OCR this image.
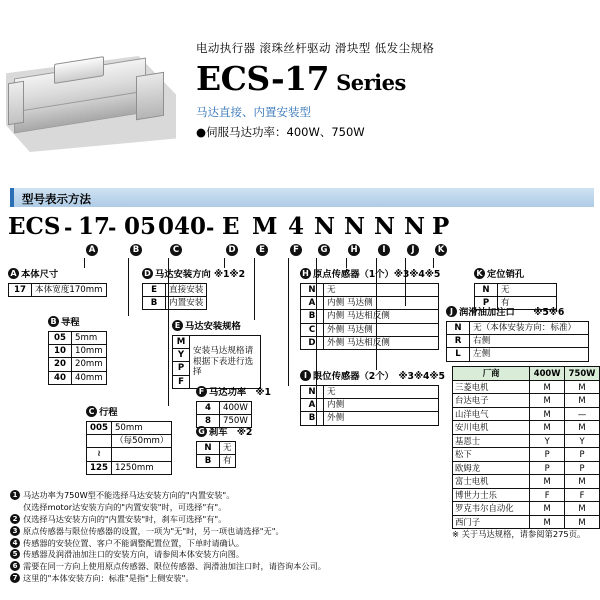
电动执行器 滚珠丝杆驱动 滑块型 低发尘规格
ECS-17 Series
马达直接、内置安装型
●伺服马达功率：400W、750W
型号表示方法
ECS - 17
- 05 040 - E M 4 N N N N P
A	B	C	D	E	F	G	H	I	J	K
A 本体尺寸
17	本体宽度170mm
B 导程
05	5mm
10	10mm
20	20mm
40	40mm
C 行程
005	50mm
	（每50mm）
≀	
125	1250mm
D 马达安装方向 ※1※2
E	直接安装
B	内置安装
E 马达安装规格
M
Y
P
F
	安装马达规格请根据下表进行选择
F 马达功率　※1
4	400W
8	750W
G 刹车　※2
N	无
B	有
H 原点传感器（1个）※3※4※5
N	无
A	内侧 马达侧
B	内侧 马达相反侧
C	外侧 马达侧
D	外侧 马达相反侧
I 限位传感器（2个）　※3※4※5
N	无
A	内侧
B	外侧
J 润滑油加注口　　※5※6
N	无（本体安装方向：标准）
R	右侧
L	左侧
K 定位销孔
N	无
P	有
厂商	400W	750W
三菱电机	M	M
台达电子	M	M
山洋电气	M	—
安川电机	M	M
基恩士	Y	Y
松下	P	P
欧姆龙	P	P
富士电机	M	M
博世力士乐	F	F
罗克韦尔自动化	M	M
西门子	M	M
※ 关于马达规格，请参阅第275页。
1 马达功率为750W型不能选择马达安装方向的"内置安装"。
仅选择motor达安装方向的"内置安装"时，可选择"有"。
2 仅选择马达安装方向的"内置安装"时，刹车可选择"有"。
3 原点传感器与限位传感器的设置，一项为"无"时，另一项也请选择"无"。
4 传感器的安装位置、客户不能调整配置位置，下单时请确认。
5 传感器及润滑油加注口的安装方向，请参阅本体安装方向图。
6 需要在同一方向上使用原点传感器、限位传感器、润滑油加注口时，请咨询本公司。
7 这里的"本体安装方向：标准"是指"上侧安装"。
